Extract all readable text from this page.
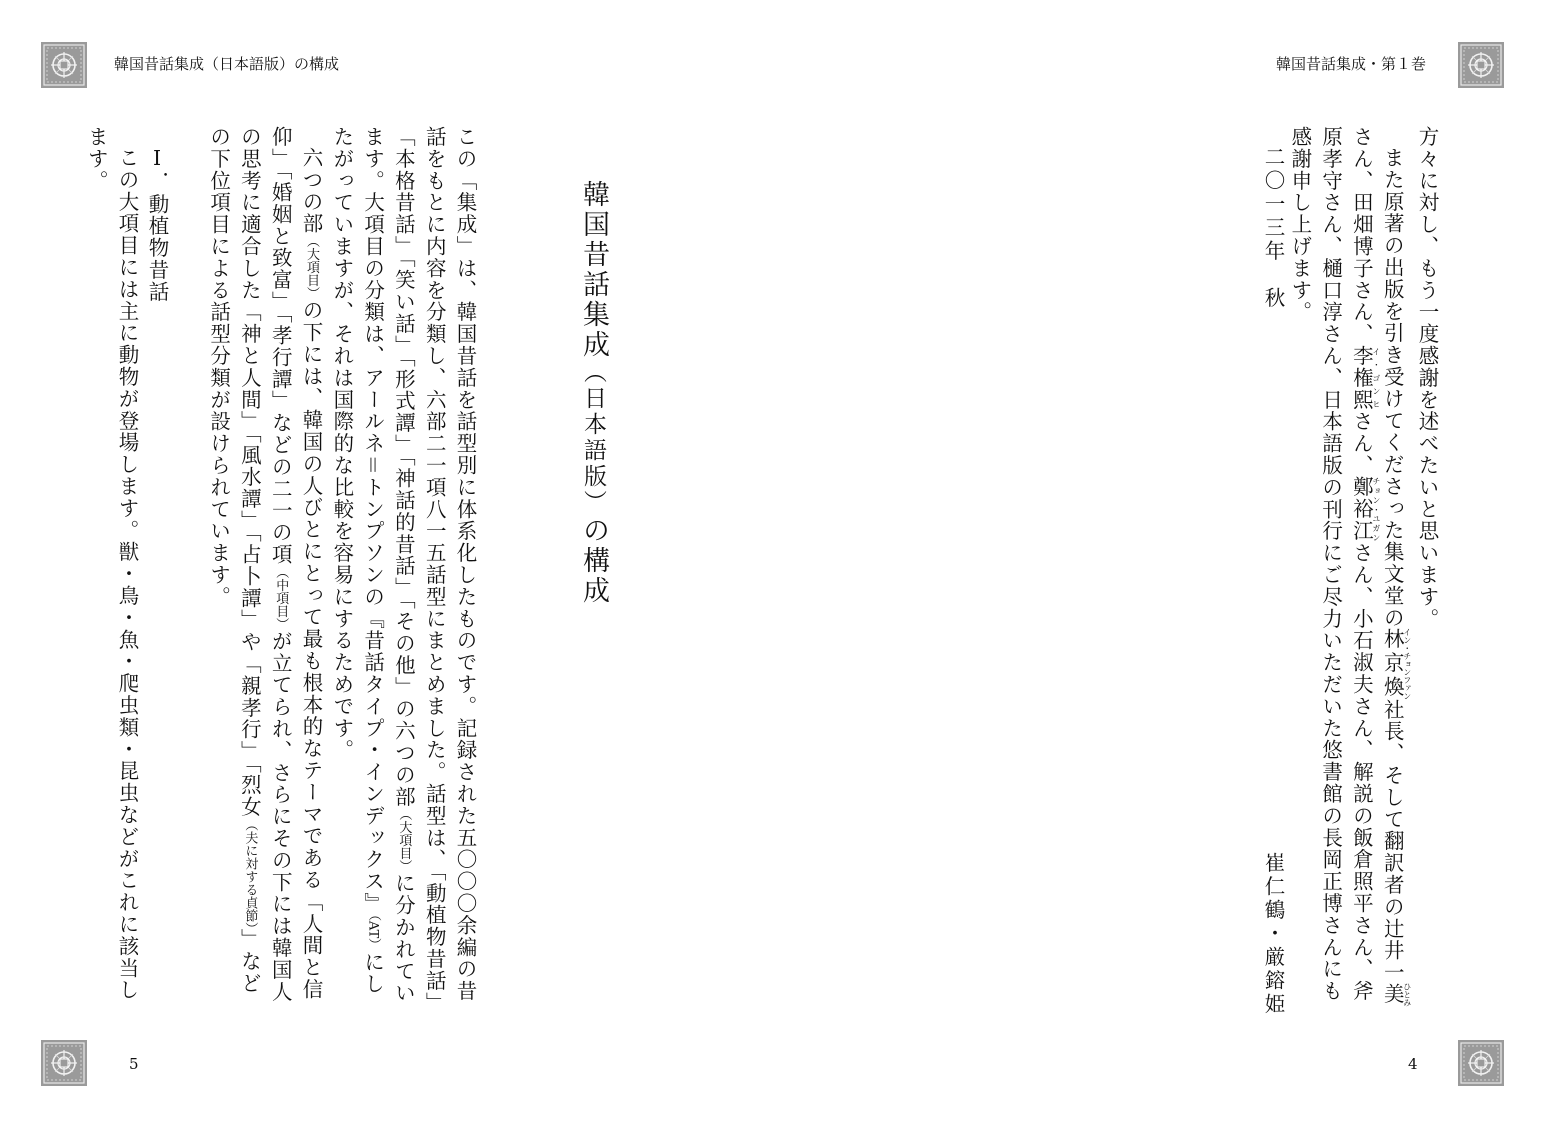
韓国昔話集成（日本語版）の構成
5
韓国昔話集成・第１巻
4
韓国昔話集成（日本語版）の構成

この「集成」は、韓国昔話を話型別に体系化したものです。記録された五〇〇〇余編の昔話をもとに内容を分類し、六部二一項八一五話型にまとめました。話型は、「動植物昔話」「本格昔話」「笑い話」「形式譚」「神話的昔話」「その他」の六つの部（大項目）に分かれています。大項目の分類は、アールネ＝トンプソンの『昔話タイプ・インデックス』（AT）にしたがっていますが、それは国際的な比較を容易にするためです。

六つの部（大項目）の下には、韓国の人びとにとって最も根本的なテーマである「人間と信仰」「婚姻と致富」「孝行譚」などの二一の項（中項目）が立てられ、さらにその下には韓国人の思考に適合した「神と人間」「風水譚」「占卜譚」や「親孝行」「烈女（夫に対する貞節）」などの下位項目による話型分類が設けられています。

Ⅰ．動植物昔話

この大項目には主に動物が登場します。獣・鳥・魚・爬虫類・昆虫などがこれに該当します。	方々に対し、もう一度感謝を述べたいと思います。

また原著の出版を引き受けてくださった集文堂の林京煥イン・チョンファン社長、そして翻訳者の辻井一美ひとみさん、田畑博子さん、李権熙イ・ゴンヒさん、鄭裕江チョン・ユガンさん、小石淑夫さん、解説の飯倉照平さん、斧原孝守さん、樋口淳さん、日本語版の刊行にご尽力いただいた悠書館の長岡正博さんにも感謝申し上げます。

二〇一三年　秋
崔仁鶴・厳鎔姫
